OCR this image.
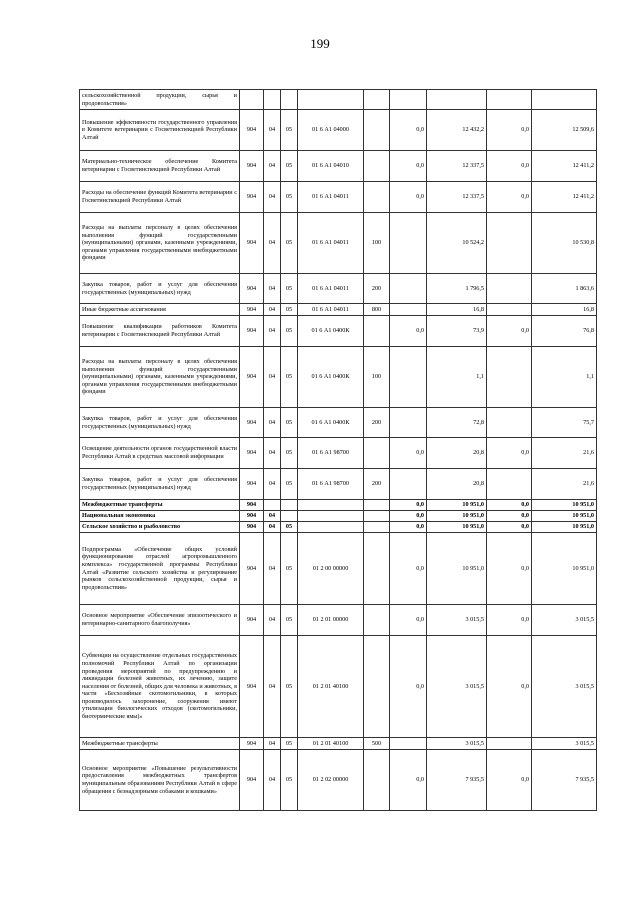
199
сельскохозяйственной продукции, сырья и продовольствия»									
Повышение эффективности государственного управления в Комитете ветеринарии с Госветинспекцией Республики Алтай	904	04	05	01 6 А1 04000		0,0	12 432,2	0,0	12 509,6
Материально-техническое обеспечение Комитета ветеринарии с Госветинспекцией Республики Алтай	904	04	05	01 6 А1 04010		0,0	12 337,5	0,0	12 411,2
Расходы на обеспечение функций Комитета ветеринарии с Госветинспекцией Республики Алтай	904	04	05	01 6 А1 04011		0,0	12 337,5	0,0	12 411,2
Расходы на выплаты персоналу в целях обеспечения выполнения функций государственными (муниципальными) органами, казенными учреждениями, органами управления государственными внебюджетными фондами	904	04	05	01 6 А1 04011	100		10 524,2		10 530,8
Закупка товаров, работ и услуг для обеспечения государственных (муниципальных) нужд	904	04	05	01 6 А1 04011	200		1 796,5		1 863,6
Иные бюджетные ассигнования	904	04	05	01 6 А1 04011	800		16,8		16,8
Повышение квалификации работников Комитета ветеринарии с Госветинспекцией Республики Алтай	904	04	05	01 6 А1 0400К		0,0	73,9	0,0	76,8
Расходы на выплаты персоналу в целях обеспечения выполнения функций государственными (муниципальными) органами, казенными учреждениями, органами управления государственными внебюджетными фондами	904	04	05	01 6 А1 0400К	100		1,1		1,1
Закупка товаров, работ и услуг для обеспечения государственных (муниципальных) нужд	904	04	05	01 6 А1 0400К	200		72,8		75,7
Освещение деятельности органов государственной власти Республики Алтай в средствах массовой информации	904	04	05	01 6 А1 98700		0,0	20,8	0,0	21,6
Закупка товаров, работ и услуг для обеспечения государственных (муниципальных) нужд	904	04	05	01 6 А1 98700	200		20,8		21,6
Межбюджетные трансферты	904					0,0	10 951,0	0,0	10 951,0
Национальная экономика	904	04				0,0	10 951,0	0,0	10 951,0
Сельское хозяйство и рыболовство	904	04	05			0,0	10 951,0	0,0	10 951,0
Подпрограмма «Обеспечение общих условий функционирования отраслей агропромышленного комплекса» государственной программы Республики Алтай «Развитие сельского хозяйства и регулирование рынков сельскохозяйственной продукции, сырья и продовольствия»	904	04	05	01 2 00 00000		0,0	10 951,0	0,0	10 951,0
Основное мероприятие «Обеспечение эпизоотического и ветеринарно-санитарного благополучия»	904	04	05	01 2 01 00000		0,0	3 015,5	0,0	3 015,5
Субвенции на осуществление отдельных государственных полномочий Республики Алтай по организации проведения мероприятий по предупреждению и ликвидации болезней животных, их лечению, защите населения от болезней, общих для человека и животных, в части «Бесхозяйные скотомогильники, в которых производилось захоронение, сооружения имеют утилизации биологических отходов (скотомогильники, биотермические ямы)»	904	04	05	01 2 01 40100		0,0	3 015,5	0,0	3 015,5
Межбюджетные трансферты	904	04	05	01 2 01 40100	500		3 015,5		3 015,5
Основное мероприятие «Повышение результативности предоставления межбюджетных трансфертов муниципальным образованиям Республики Алтай в сфере обращения с безнадзорными собаками и кошками»	904	04	05	01 2 02 00000		0,0	7 935,5	0,0	7 935,5
